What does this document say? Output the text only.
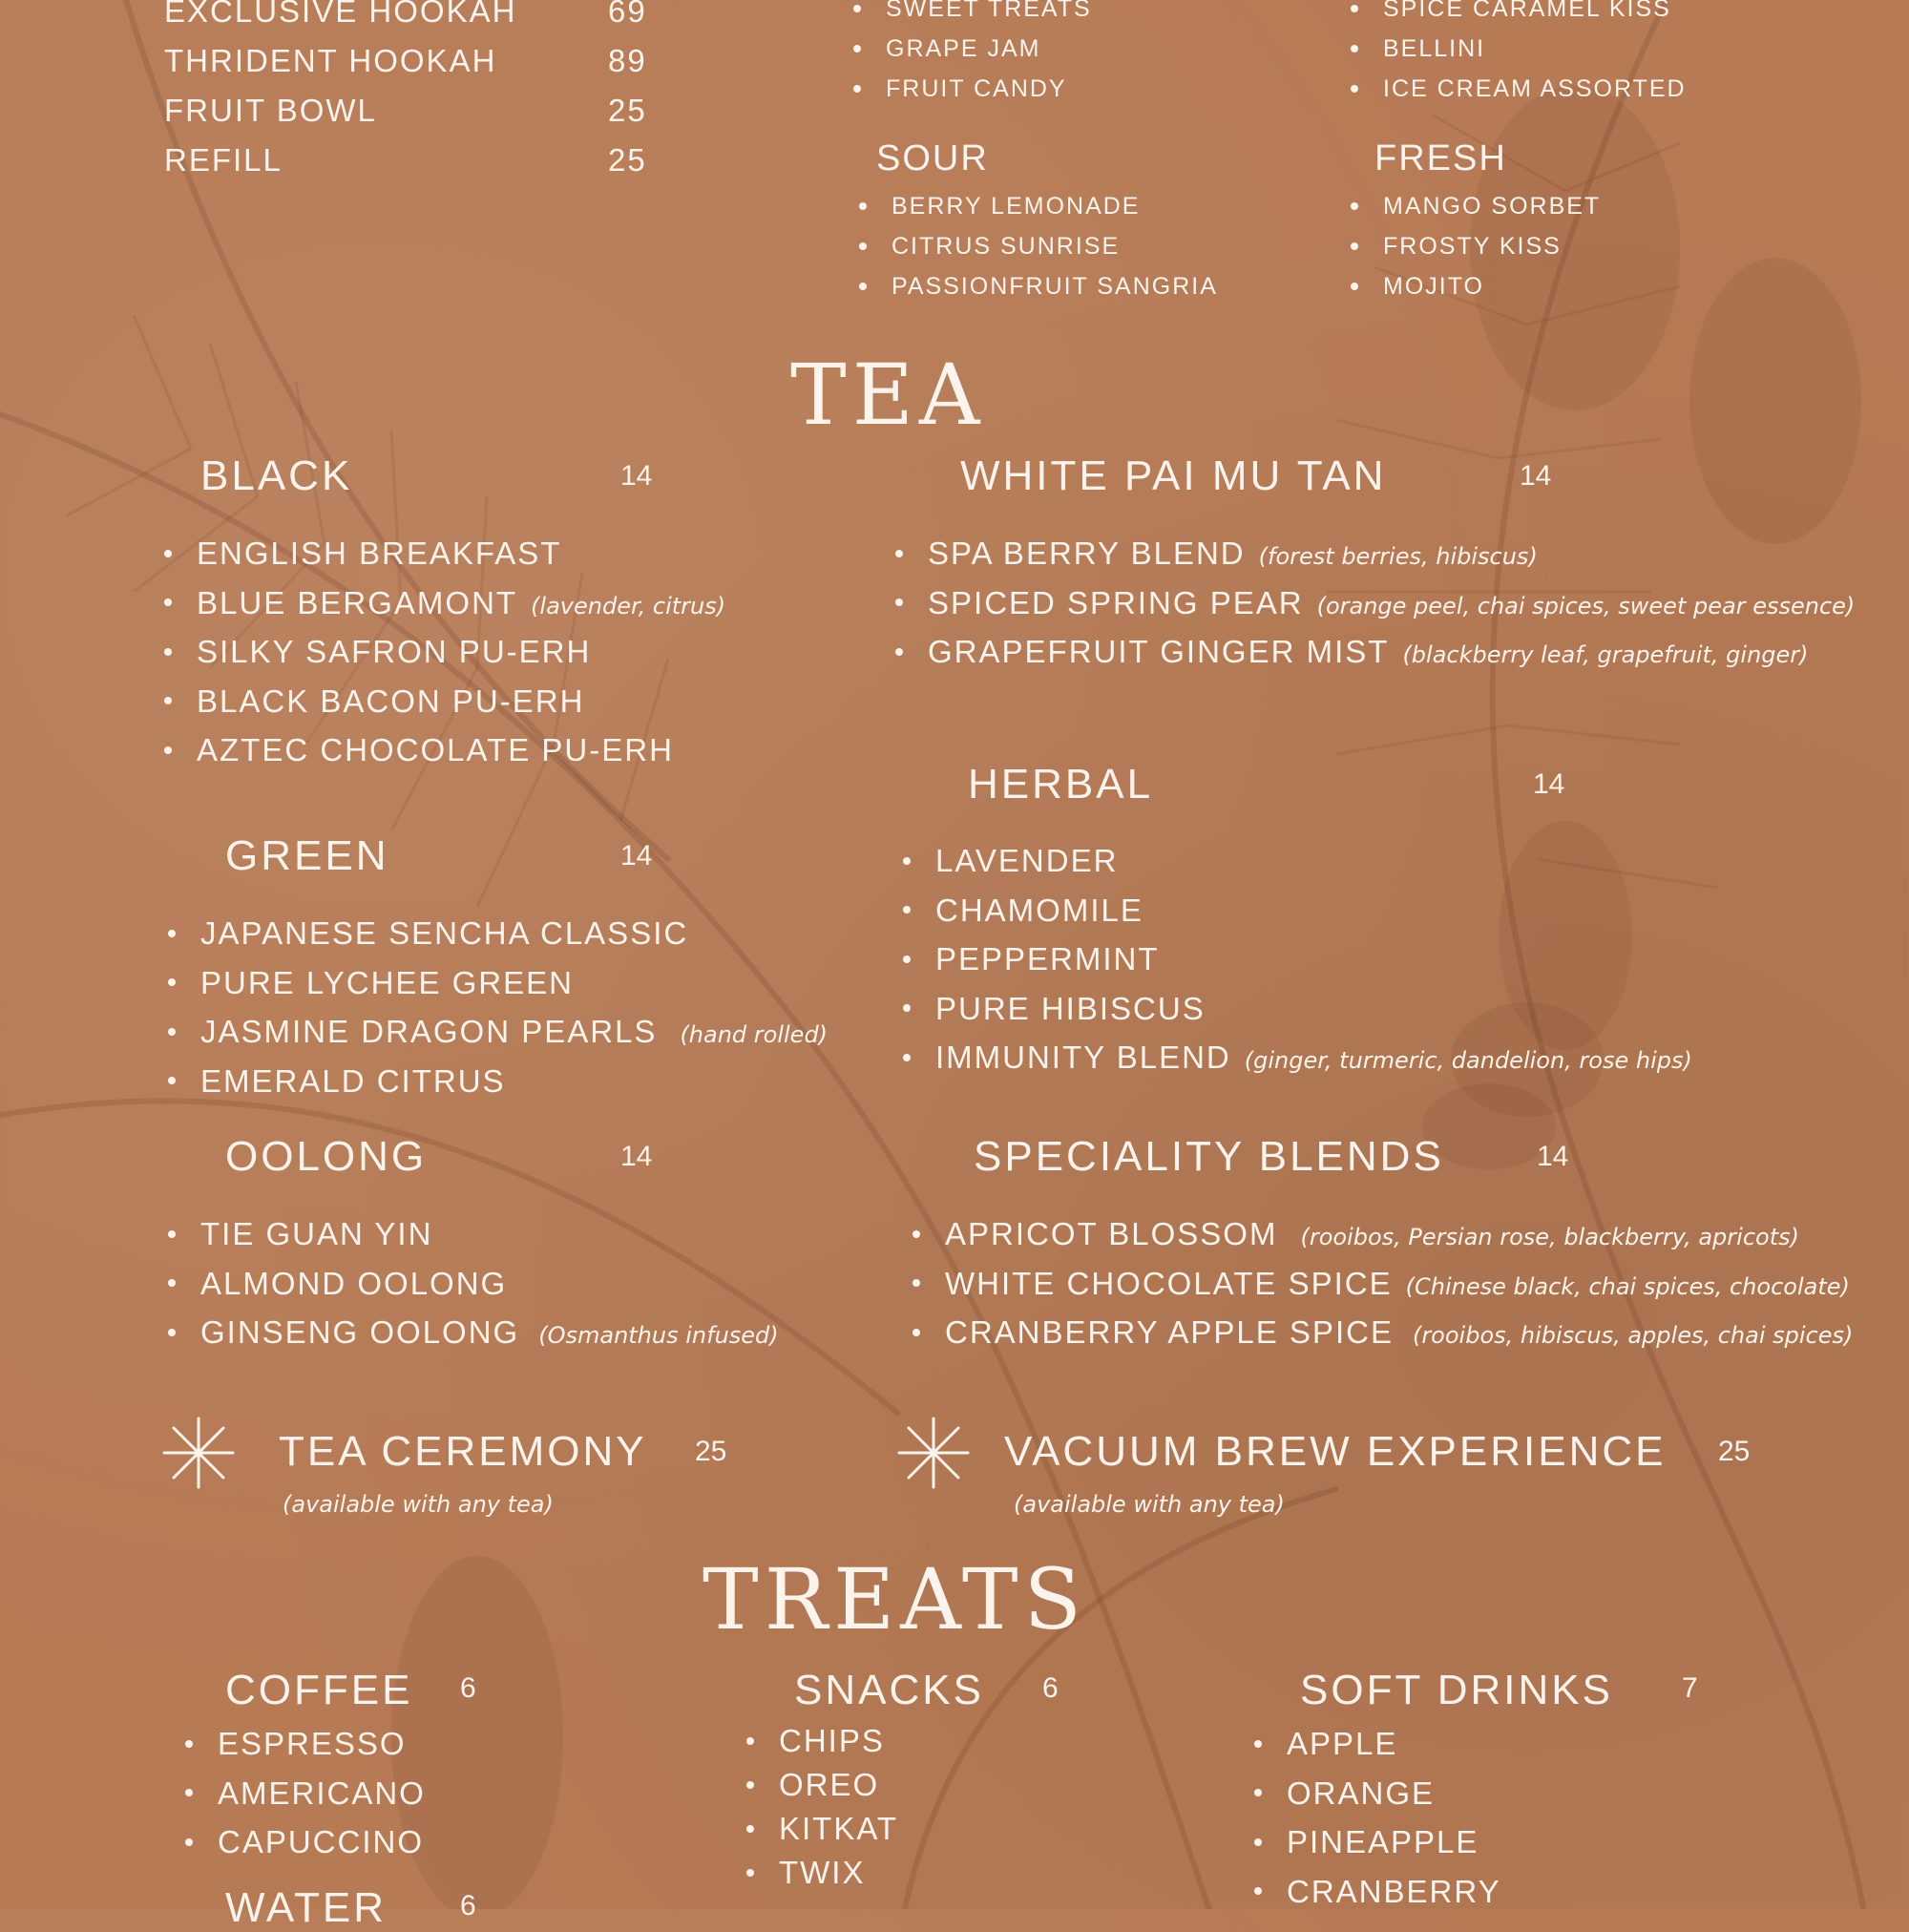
EXCLUSIVE HOOKAH	69
THRIDENT HOOKAH	89
FRUIT BOWL	25
REFILL	25
SWEET TREATS
GRAPE JAM
FRUIT CANDY
SPICE CARAMEL KISS
BELLINI
ICE CREAM ASSORTED
SOUR
BERRY LEMONADE
CITRUS SUNRISE
PASSIONFRUIT SANGRIA
FRESH
MANGO SORBET
FROSTY KISS
MOJITO
TEA
BLACK	14
ENGLISH BREAKFAST
BLUE BERGAMONT (lavender, citrus)
SILKY SAFRON PU-ERH
BLACK BACON PU-ERH
AZTEC CHOCOLATE PU-ERH
WHITE PAI MU TAN	14
SPA BERRY BLEND (forest berries, hibiscus)
SPICED SPRING PEAR (orange peel, chai spices, sweet pear essence)
GRAPEFRUIT GINGER MIST (blackberry leaf, grapefruit, ginger)
GREEN	14
JAPANESE SENCHA CLASSIC
PURE LYCHEE GREEN
JASMINE DRAGON PEARLS (hand rolled)
EMERALD CITRUS
HERBAL	14
LAVENDER
CHAMOMILE
PEPPERMINT
PURE HIBISCUS
IMMUNITY BLEND (ginger, turmeric, dandelion, rose hips)
OOLONG	14
TIE GUAN YIN
ALMOND OOLONG
GINSENG OOLONG (Osmanthus infused)
SPECIALITY BLENDS	14
APRICOT BLOSSOM (rooibos, Persian rose, blackberry, apricots)
WHITE CHOCOLATE SPICE (Chinese black, chai spices, chocolate)
CRANBERRY APPLE SPICE (rooibos, hibiscus, apples, chai spices)
TEA CEREMONY 25
(available with any tea)
VACUUM BREW EXPERIENCE 25
(available with any tea)
TREATS
COFFEE 6
ESPRESSO
AMERICANO
CAPUCCINO
WATER	6
SNACKS 6
CHIPS
OREO
KITKAT
TWIX
SOFT DRINKS 7
APPLE
ORANGE
PINEAPPLE
CRANBERRY
